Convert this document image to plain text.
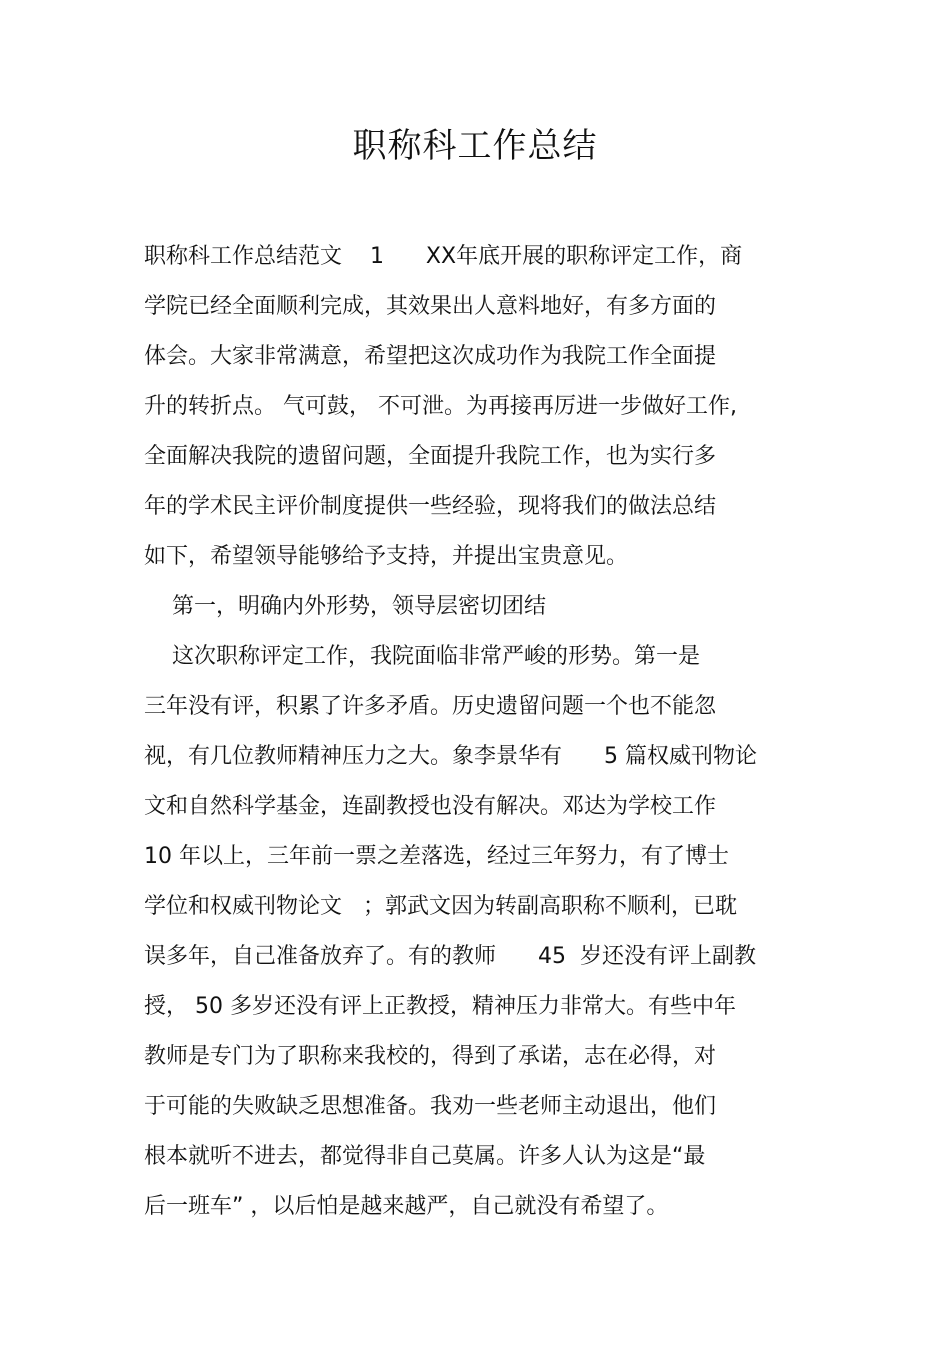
职称科工作总结
职称科工作总结范文    1      XX年底开展的职称评定工作，商
学院已经全面顺利完成，其效果出人意料地好，有多方面的
体会。大家非常满意，希望把这次成功作为我院工作全面提
升的转折点。 气可鼓， 不可泄。为再接再厉进一步做好工作,
全面解决我院的遗留问题，全面提升我院工作，也为实行多
年的学术民主评价制度提供一些经验，现将我们的做法总结
如下，希望领导能够给予支持，并提出宝贵意见。
第一，明确内外形势，领导层密切团结
这次职称评定工作，我院面临非常严峻的形势。第一是
三年没有评，积累了许多矛盾。历史遗留问题一个也不能忽
视，有几位教师精神压力之大。象李景华有      5 篇权威刊物论
文和自然科学基金，连副教授也没有解决。邓达为学校工作
10 年以上，三年前一票之差落选，经过三年努力，有了博士
学位和权威刊物论文   ；郭武文因为转副高职称不顺利，已耽
误多年，自己准备放弃了。有的教师      45  岁还没有评上副教
授， 50 多岁还没有评上正教授，精神压力非常大。有些中年
教师是专门为了职称来我校的，得到了承诺，志在必得，对
于可能的失败缺乏思想准备。我劝一些老师主动退出，他们
根本就听不进去，都觉得非自己莫属。许多人认为这是“最
后一班车” ，以后怕是越来越严，自己就没有希望了。
